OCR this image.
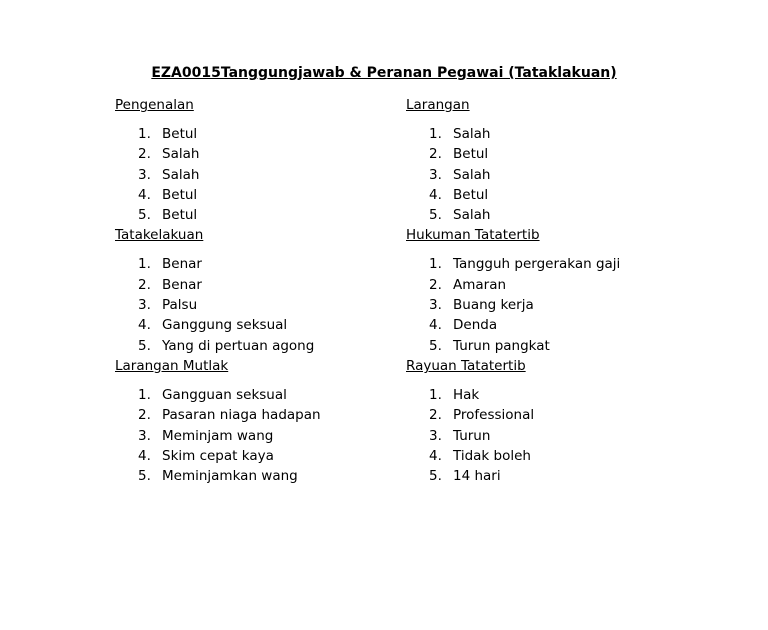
EZA0015Tanggungjawab & Peranan Pegawai (Tataklakuan)
Pengenalan
1. Betul
2. Salah
3. Salah
4. Betul
5. Betul
Tatakelakuan
1. Benar
2. Benar
3. Palsu
4. Ganggung seksual
5. Yang di pertuan agong
Larangan Mutlak
1. Gangguan seksual
2. Pasaran niaga hadapan
3. Meminjam wang
4. Skim cepat kaya
5. Meminjamkan wang
Larangan
1. Salah
2. Betul
3. Salah
4. Betul
5. Salah
Hukuman Tatatertib
1. Tangguh pergerakan gaji
2. Amaran
3. Buang kerja
4. Denda
5. Turun pangkat
Rayuan Tatatertib
1. Hak
2. Professional
3. Turun
4. Tidak boleh
5. 14 hari
